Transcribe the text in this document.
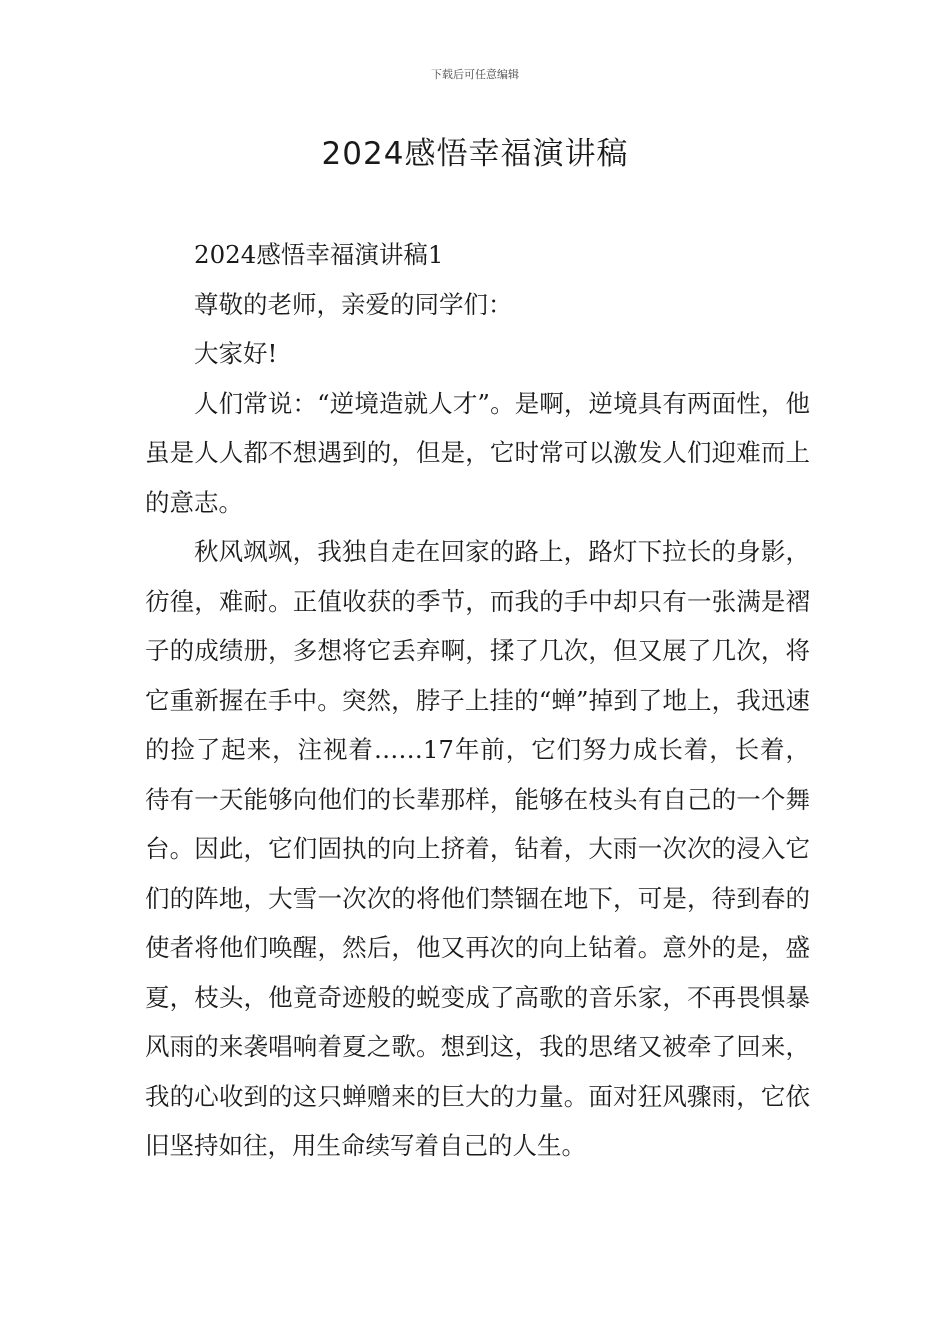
下载后可任意编辑
2024感悟幸福演讲稿

2024感悟幸福演讲稿1

尊敬的老师，亲爱的同学们：

大家好!

人们常说：“逆境造就人才”。是啊，逆境具有两面性，他虽是人人都不想遇到的，但是，它时常可以激发人们迎难而上的意志。

秋风飒飒，我独自走在回家的路上，路灯下拉长的身影，彷徨，难耐。正值收获的季节，而我的手中却只有一张满是褶子的成绩册，多想将它丢弃啊，揉了几次，但又展了几次，将它重新握在手中。突然，脖子上挂的“蝉”掉到了地上，我迅速的捡了起来，注视着……17年前，它们努力成长着，长着，待有一天能够向他们的长辈那样，能够在枝头有自己的一个舞台。因此，它们固执的向上挤着，钻着，大雨一次次的浸入它们的阵地，大雪一次次的将他们禁锢在地下，可是，待到春的使者将他们唤醒，然后，他又再次的向上钻着。意外的是，盛夏，枝头，他竟奇迹般的蜕变成了高歌的音乐家，不再畏惧暴风雨的来袭唱响着夏之歌。想到这，我的思绪又被牵了回来，我的心收到的这只蝉赠来的巨大的力量。面对狂风骤雨，它依旧坚持如往，用生命续写着自己的人生。
